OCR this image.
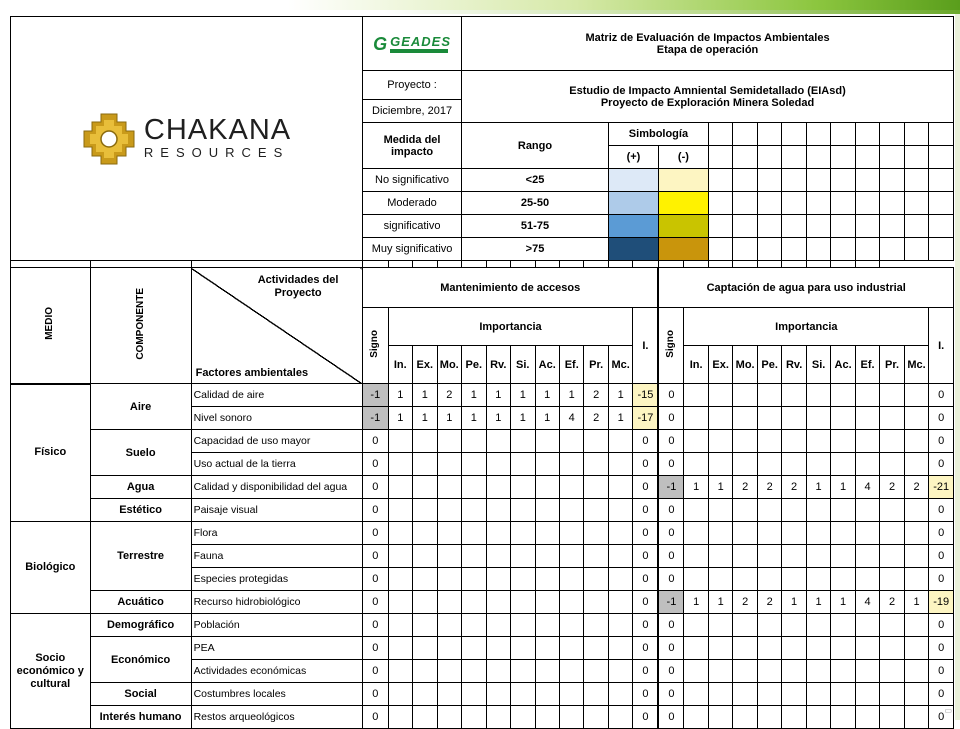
CHAKANA
RESOURCES			G GEADES				Matriz de Evaluación de Impactos Ambientales
Etapa de operación																			
			Proyecto :				Estudio de Impacto Amniental Semidetallado (EIAsd)
Proyecto de Exploración Minera Soledad																			
			Diciembre, 2017																							
			Medida del impacto				Rango						Simbología													
													(+)		(-)											
			No significativo				<25																			
			Moderado				25-50																			
			significativo				51-75																			
			Muy significativo				>75																			

MEDIO	COMPONENTE	Actividades del Proyecto
Factores ambientales	Mantenimiento de accesos												Captación de agua para uso industrial											
			Signo	Importancia										I.	Signo	Importancia										I.
				In.	Ex.	Mo.	Pe.	Rv.	Si.	Ac.	Ef.	Pr.	Mc.			In.	Ex.	Mo.	Pe.	Rv.	Si.	Ac.	Ef.	Pr.	Mc.	
Físico	Aire	Calidad de aire	-1	1	1	2	1	1	1	1	1	2	1	-15	0											0
		Nivel sonoro	-1	1	1	1	1	1	1	1	4	2	1	-17	0											0
	Suelo	Capacidad de uso mayor	0											0	0											0
		Uso actual de la tierra	0											0	0											0
	Agua	Calidad y disponibilidad del agua	0											0	-1	1	1	2	2	2	1	1	4	2	2	-21
	Estético	Paisaje visual	0											0	0											0
Biológico	Terrestre	Flora	0											0	0											0
		Fauna	0											0	0											0
		Especies protegidas	0											0	0											0
	Acuático	Recurso hidrobiológico	0											0	-1	1	1	2	2	1	1	1	4	2	1	-19
Socio económico y cultural	Demográfico	Población	0											0	0											0
	Económico	PEA	0											0	0											0
		Actividades económicas	0											0	0											0
	Social	Costumbres locales	0											0	0											0
	Interés humano	Restos arqueológicos	0											0	0											0
▭
